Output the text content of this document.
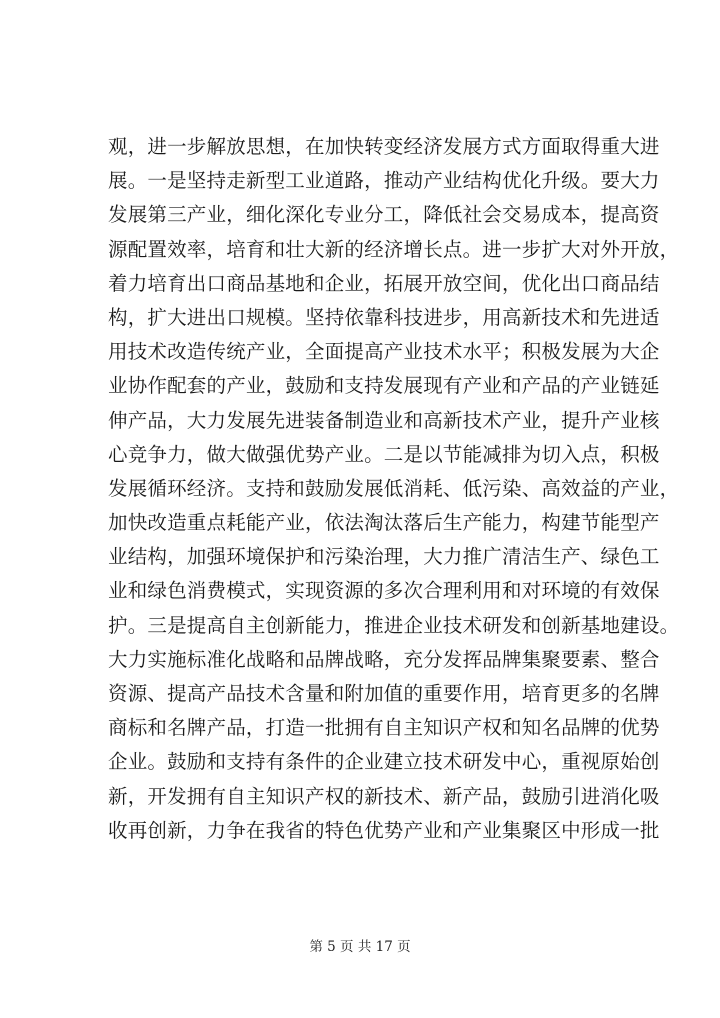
观，进一步解放思想，在加快转变经济发展方式方面取得重大进
展。一是坚持走新型工业道路，推动产业结构优化升级。要大力
发展第三产业，细化深化专业分工，降低社会交易成本，提高资
源配置效率，培育和壮大新的经济增长点。进一步扩大对外开放，
着力培育出口商品基地和企业，拓展开放空间，优化出口商品结
构，扩大进出口规模。坚持依靠科技进步，用高新技术和先进适
用技术改造传统产业，全面提高产业技术水平；积极发展为大企
业协作配套的产业，鼓励和支持发展现有产业和产品的产业链延
伸产品，大力发展先进装备制造业和高新技术产业，提升产业核
心竞争力，做大做强优势产业。二是以节能减排为切入点，积极
发展循环经济。支持和鼓励发展低消耗、低污染、高效益的产业，
加快改造重点耗能产业，依法淘汰落后生产能力，构建节能型产
业结构，加强环境保护和污染治理，大力推广清洁生产、绿色工
业和绿色消费模式，实现资源的多次合理利用和对环境的有效保
护。三是提高自主创新能力，推进企业技术研发和创新基地建设。
大力实施标准化战略和品牌战略，充分发挥品牌集聚要素、整合
资源、提高产品技术含量和附加值的重要作用，培育更多的名牌
商标和名牌产品，打造一批拥有自主知识产权和知名品牌的优势
企业。鼓励和支持有条件的企业建立技术研发中心，重视原始创
新，开发拥有自主知识产权的新技术、新产品，鼓励引进消化吸
收再创新，力争在我省的特色优势产业和产业集聚区中形成一批
第 5 页 共 17 页
